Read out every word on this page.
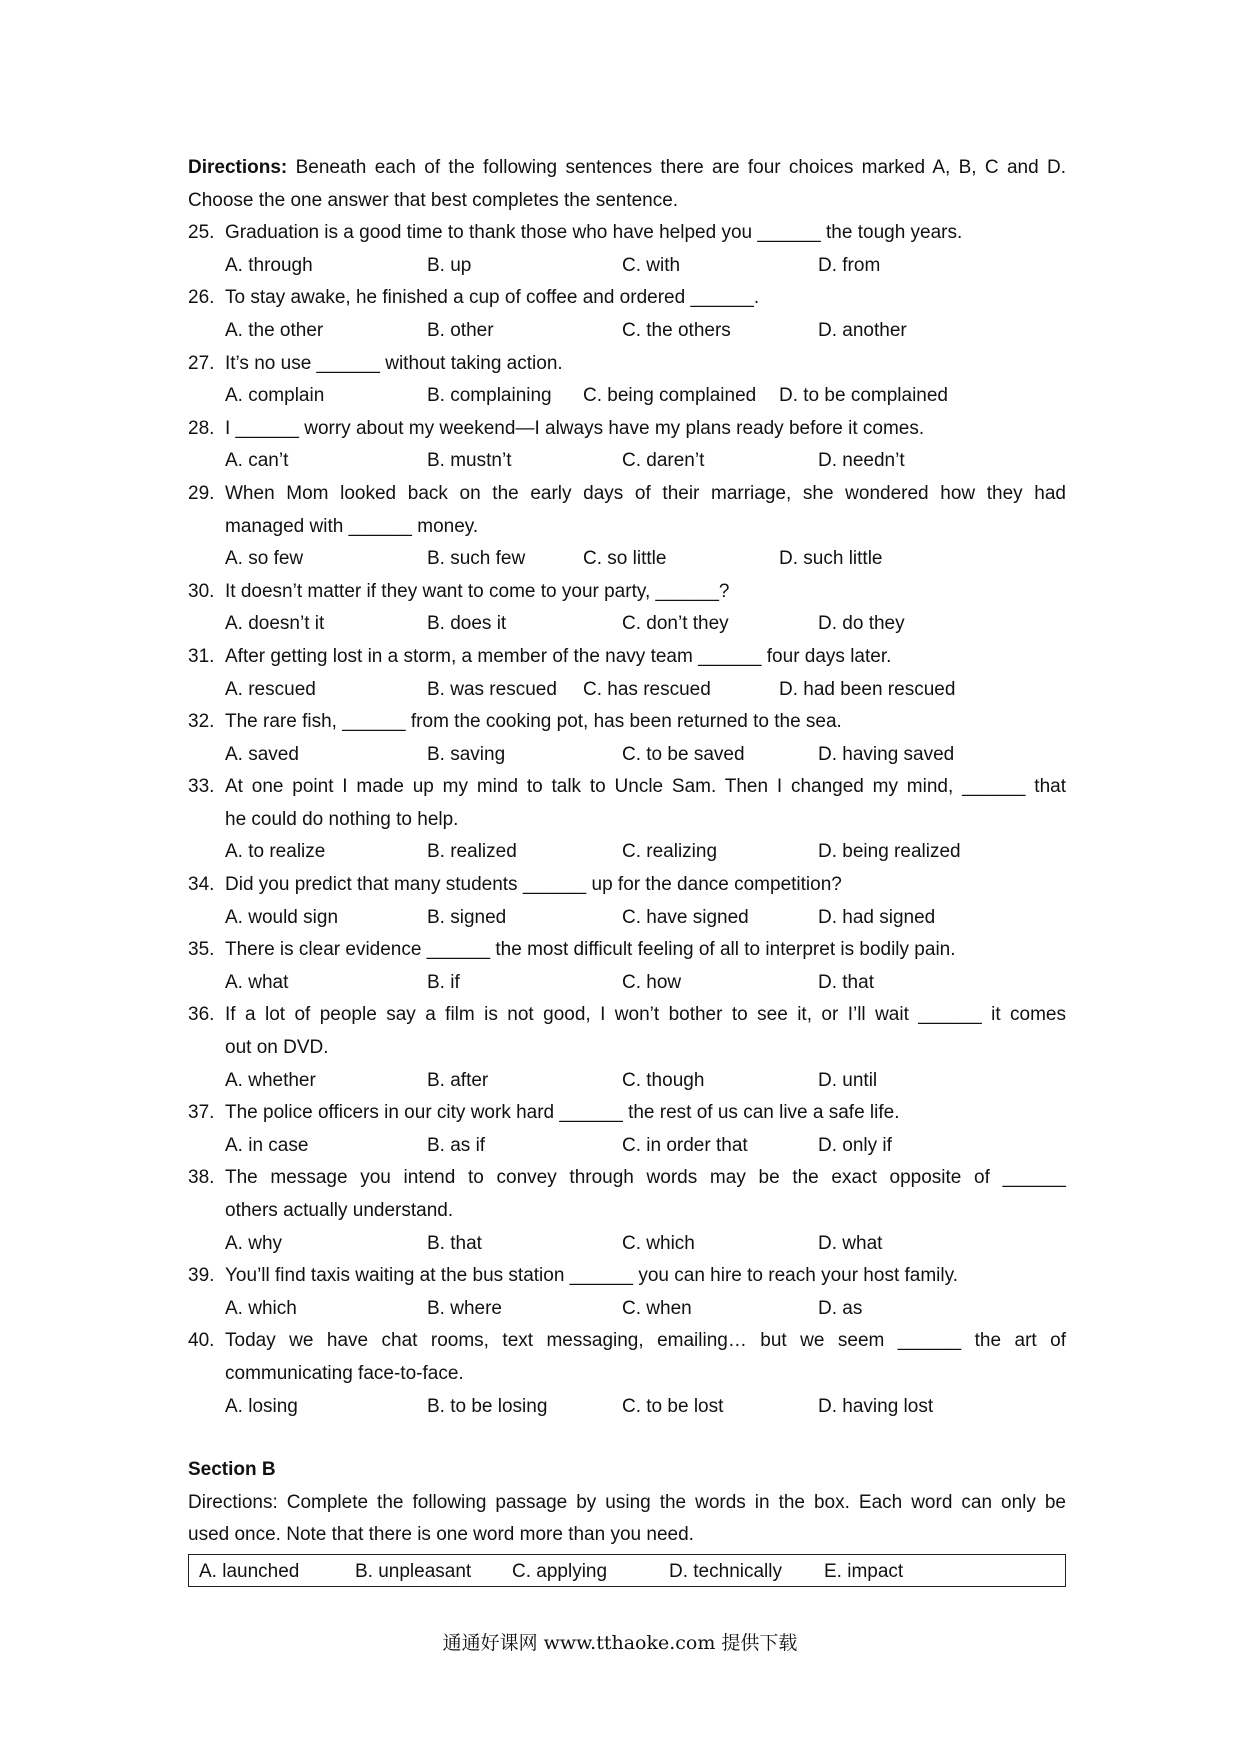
Directions: Beneath each of the following sentences there are four choices marked A, B, C and D.
Choose the one answer that best completes the sentence.
25. Graduation is a good time to thank those who have helped you ______ the tough years.
A. through	B. up	C. with	D. from
26. To stay awake, he finished a cup of coffee and ordered ______.
A. the other	B. other	C. the others	D. another
27. It’s no use ______ without taking action.
A. complain	B. complaining C. being complained D. to be complained
28. I ______ worry about my weekend—I always have my plans ready before it comes.
A. can’t	B. mustn’t	C. daren’t	D. needn’t
29. When Mom looked back on the early days of their marriage, she wondered how they had
managed with ______ money.
A. so few	B. such few	C. so little	D. such little
30. It doesn’t matter if they want to come to your party, ______?
A. doesn’t it	B. does it	C. don’t they	D. do they
31. After getting lost in a storm, a member of the navy team ______ four days later.
A. rescued	B. was rescued C. has rescued	D. had been rescued
32. The rare fish, ______ from the cooking pot, has been returned to the sea.
A. saved	B. saving	C. to be saved	D. having saved
33. At one point I made up my mind to talk to Uncle Sam. Then I changed my mind, ______ that
he could do nothing to help.
A. to realize	B. realized	C. realizing	D. being realized
34. Did you predict that many students ______ up for the dance competition?
A. would sign	B. signed	C. have signed	D. had signed
35. There is clear evidence ______ the most difficult feeling of all to interpret is bodily pain.
A. what	B. if	C. how	D. that
36. If a lot of people say a film is not good, I won’t bother to see it, or I’ll wait ______ it comes
out on DVD.
A. whether	B. after	C. though	D. until
37. The police officers in our city work hard ______ the rest of us can live a safe life.
A. in case	B. as if	C. in order that	D. only if
38. The message you intend to convey through words may be the exact opposite of ______
others actually understand.
A. why	B. that	C. which	D. what
39. You’ll find taxis waiting at the bus station ______ you can hire to reach your host family.
A. which	B. where	C. when	D. as
40. Today we have chat rooms, text messaging, emailing… but we seem ______ the art of
communicating face-to-face.
A. losing	B. to be losing	C. to be lost	D. having lost
Section B
Directions: Complete the following passage by using the words in the box. Each word can only be
used once. Note that there is one word more than you need.
A. launched	B. unpleasant C. applying	D. technically E. impact
通通好课网 www.tthaoke.com 提供下载
